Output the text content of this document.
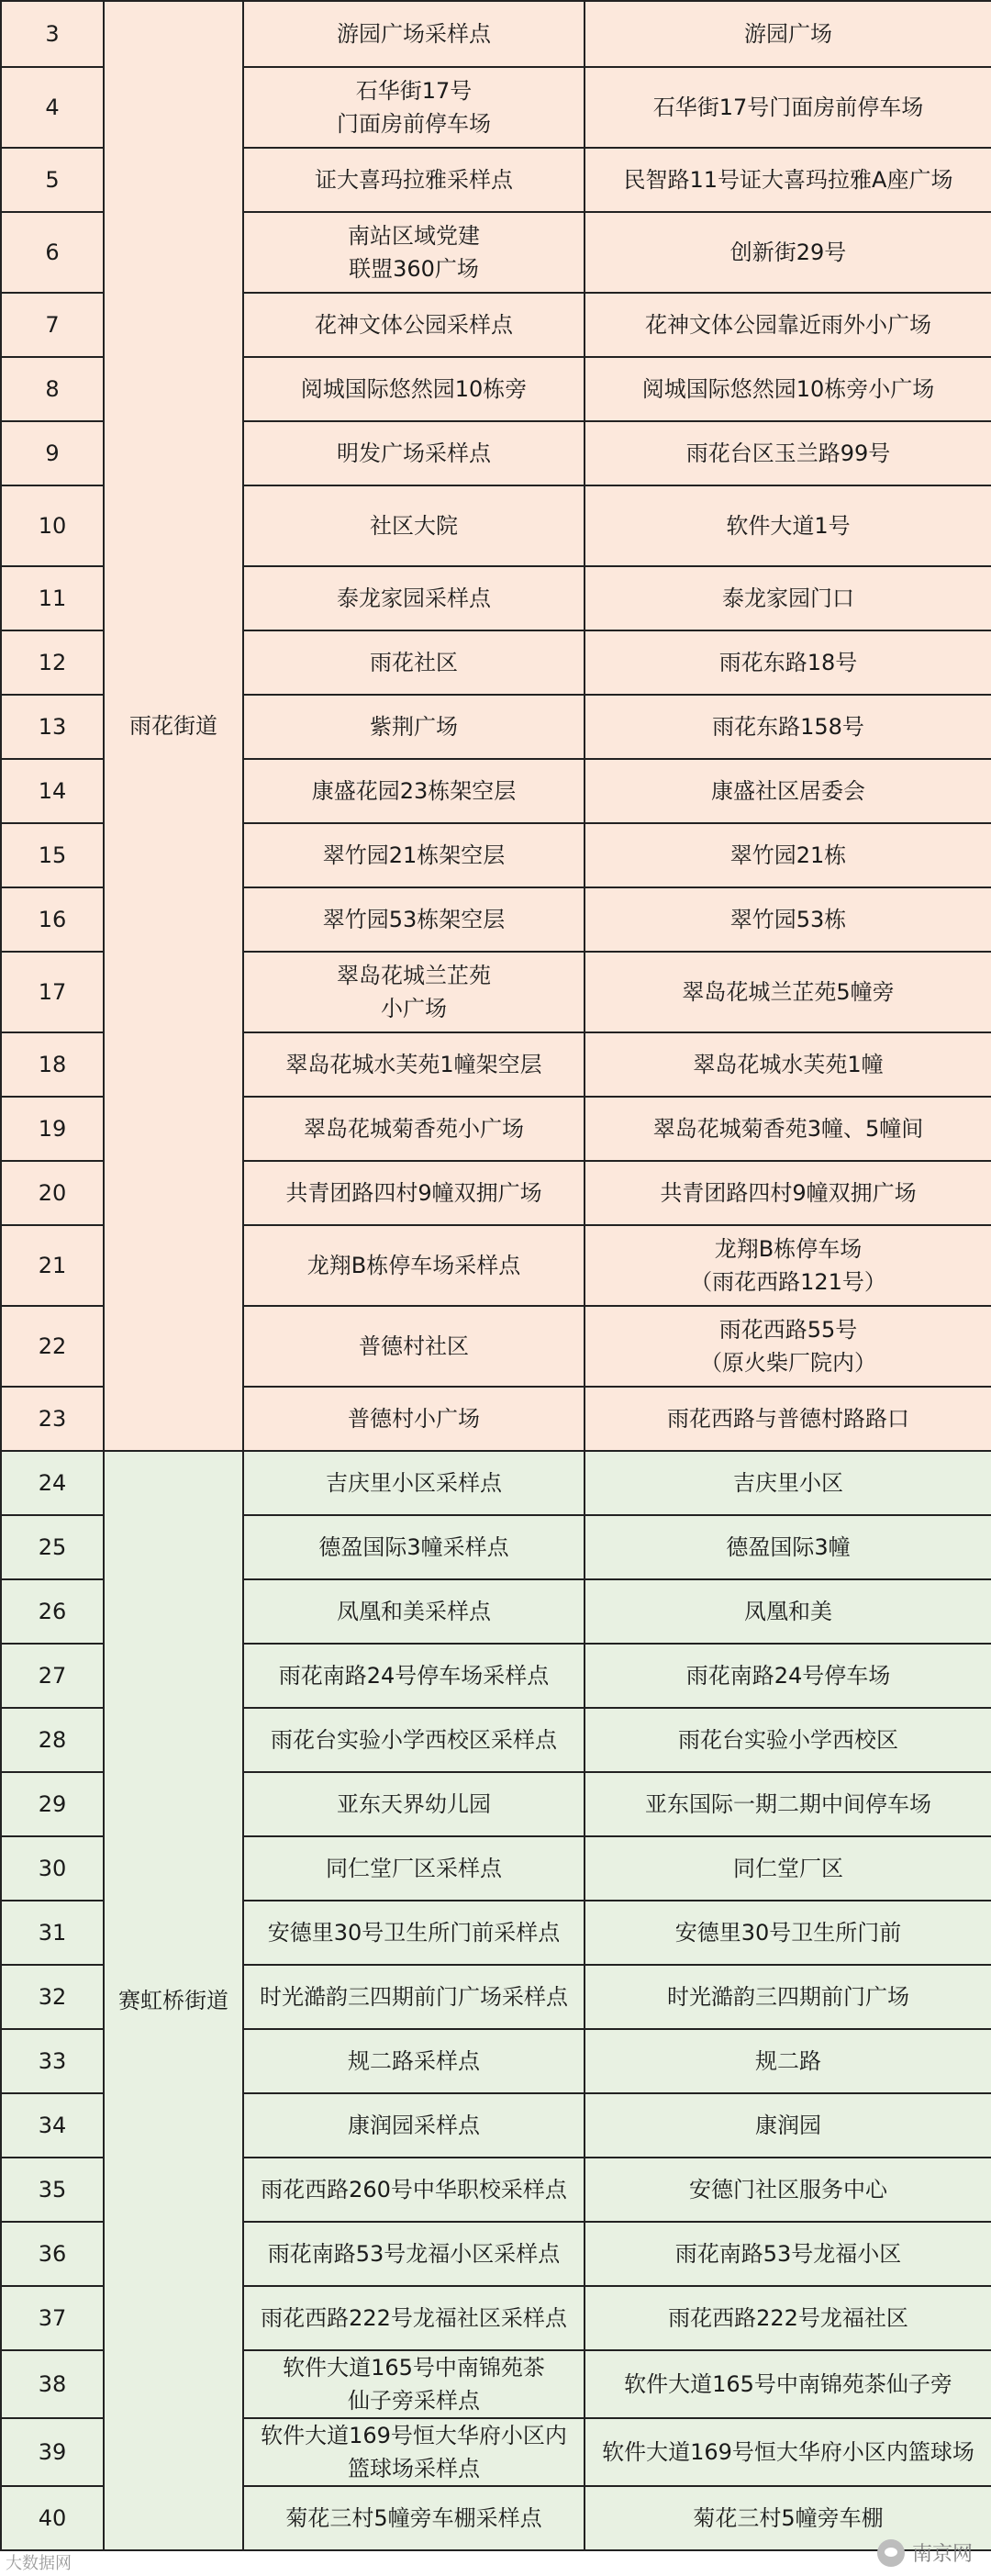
3	雨花街道	游园广场采样点	游园广场
4		石华街17号
门面房前停车场	石华街17号门面房前停车场
5		证大喜玛拉雅采样点	民智路11号证大喜玛拉雅A座广场
6		南站区域党建
联盟360广场	创新街29号
7		花神文体公园采样点	花神文体公园靠近雨外小广场
8		阅城国际悠然园10栋旁	阅城国际悠然园10栋旁小广场
9		明发广场采样点	雨花台区玉兰路99号
10		社区大院	软件大道1号
11		泰龙家园采样点	泰龙家园门口
12		雨花社区	雨花东路18号
13		紫荆广场	雨花东路158号
14		康盛花园23栋架空层	康盛社区居委会
15		翠竹园21栋架空层	翠竹园21栋
16		翠竹园53栋架空层	翠竹园53栋
17		翠岛花城兰芷苑
小广场	翠岛花城兰芷苑5幢旁
18		翠岛花城水芙苑1幢架空层	翠岛花城水芙苑1幢
19		翠岛花城菊香苑小广场	翠岛花城菊香苑3幢、5幢间
20		共青团路四村9幢双拥广场	共青团路四村9幢双拥广场
21		龙翔B栋停车场采样点	龙翔B栋停车场
（雨花西路121号）
22		普德村社区	雨花西路55号
（原火柴厂院内）
23		普德村小广场	雨花西路与普德村路路口
24	赛虹桥街道	吉庆里小区采样点	吉庆里小区
25		德盈国际3幢采样点	德盈国际3幢
26		凤凰和美采样点	凤凰和美
27		雨花南路24号停车场采样点	雨花南路24号停车场
28		雨花台实验小学西校区采样点	雨花台实验小学西校区
29		亚东天界幼儿园	亚东国际一期二期中间停车场
30		同仁堂厂区采样点	同仁堂厂区
31		安德里30号卫生所门前采样点	安德里30号卫生所门前
32		时光澔韵三四期前门广场采样点	时光澔韵三四期前门广场
33		规二路采样点	规二路
34		康润园采样点	康润园
35		雨花西路260号中华职校采样点	安德门社区服务中心
36		雨花南路53号龙福小区采样点	雨花南路53号龙福小区
37		雨花西路222号龙福社区采样点	雨花西路222号龙福社区
38		软件大道165号中南锦苑茶
仙子旁采样点	软件大道165号中南锦苑茶仙子旁
39		软件大道169号恒大华府小区内
篮球场采样点	软件大道169号恒大华府小区内篮球场
40		菊花三村5幢旁车棚采样点	菊花三村5幢旁车棚
大数据网	南京网
